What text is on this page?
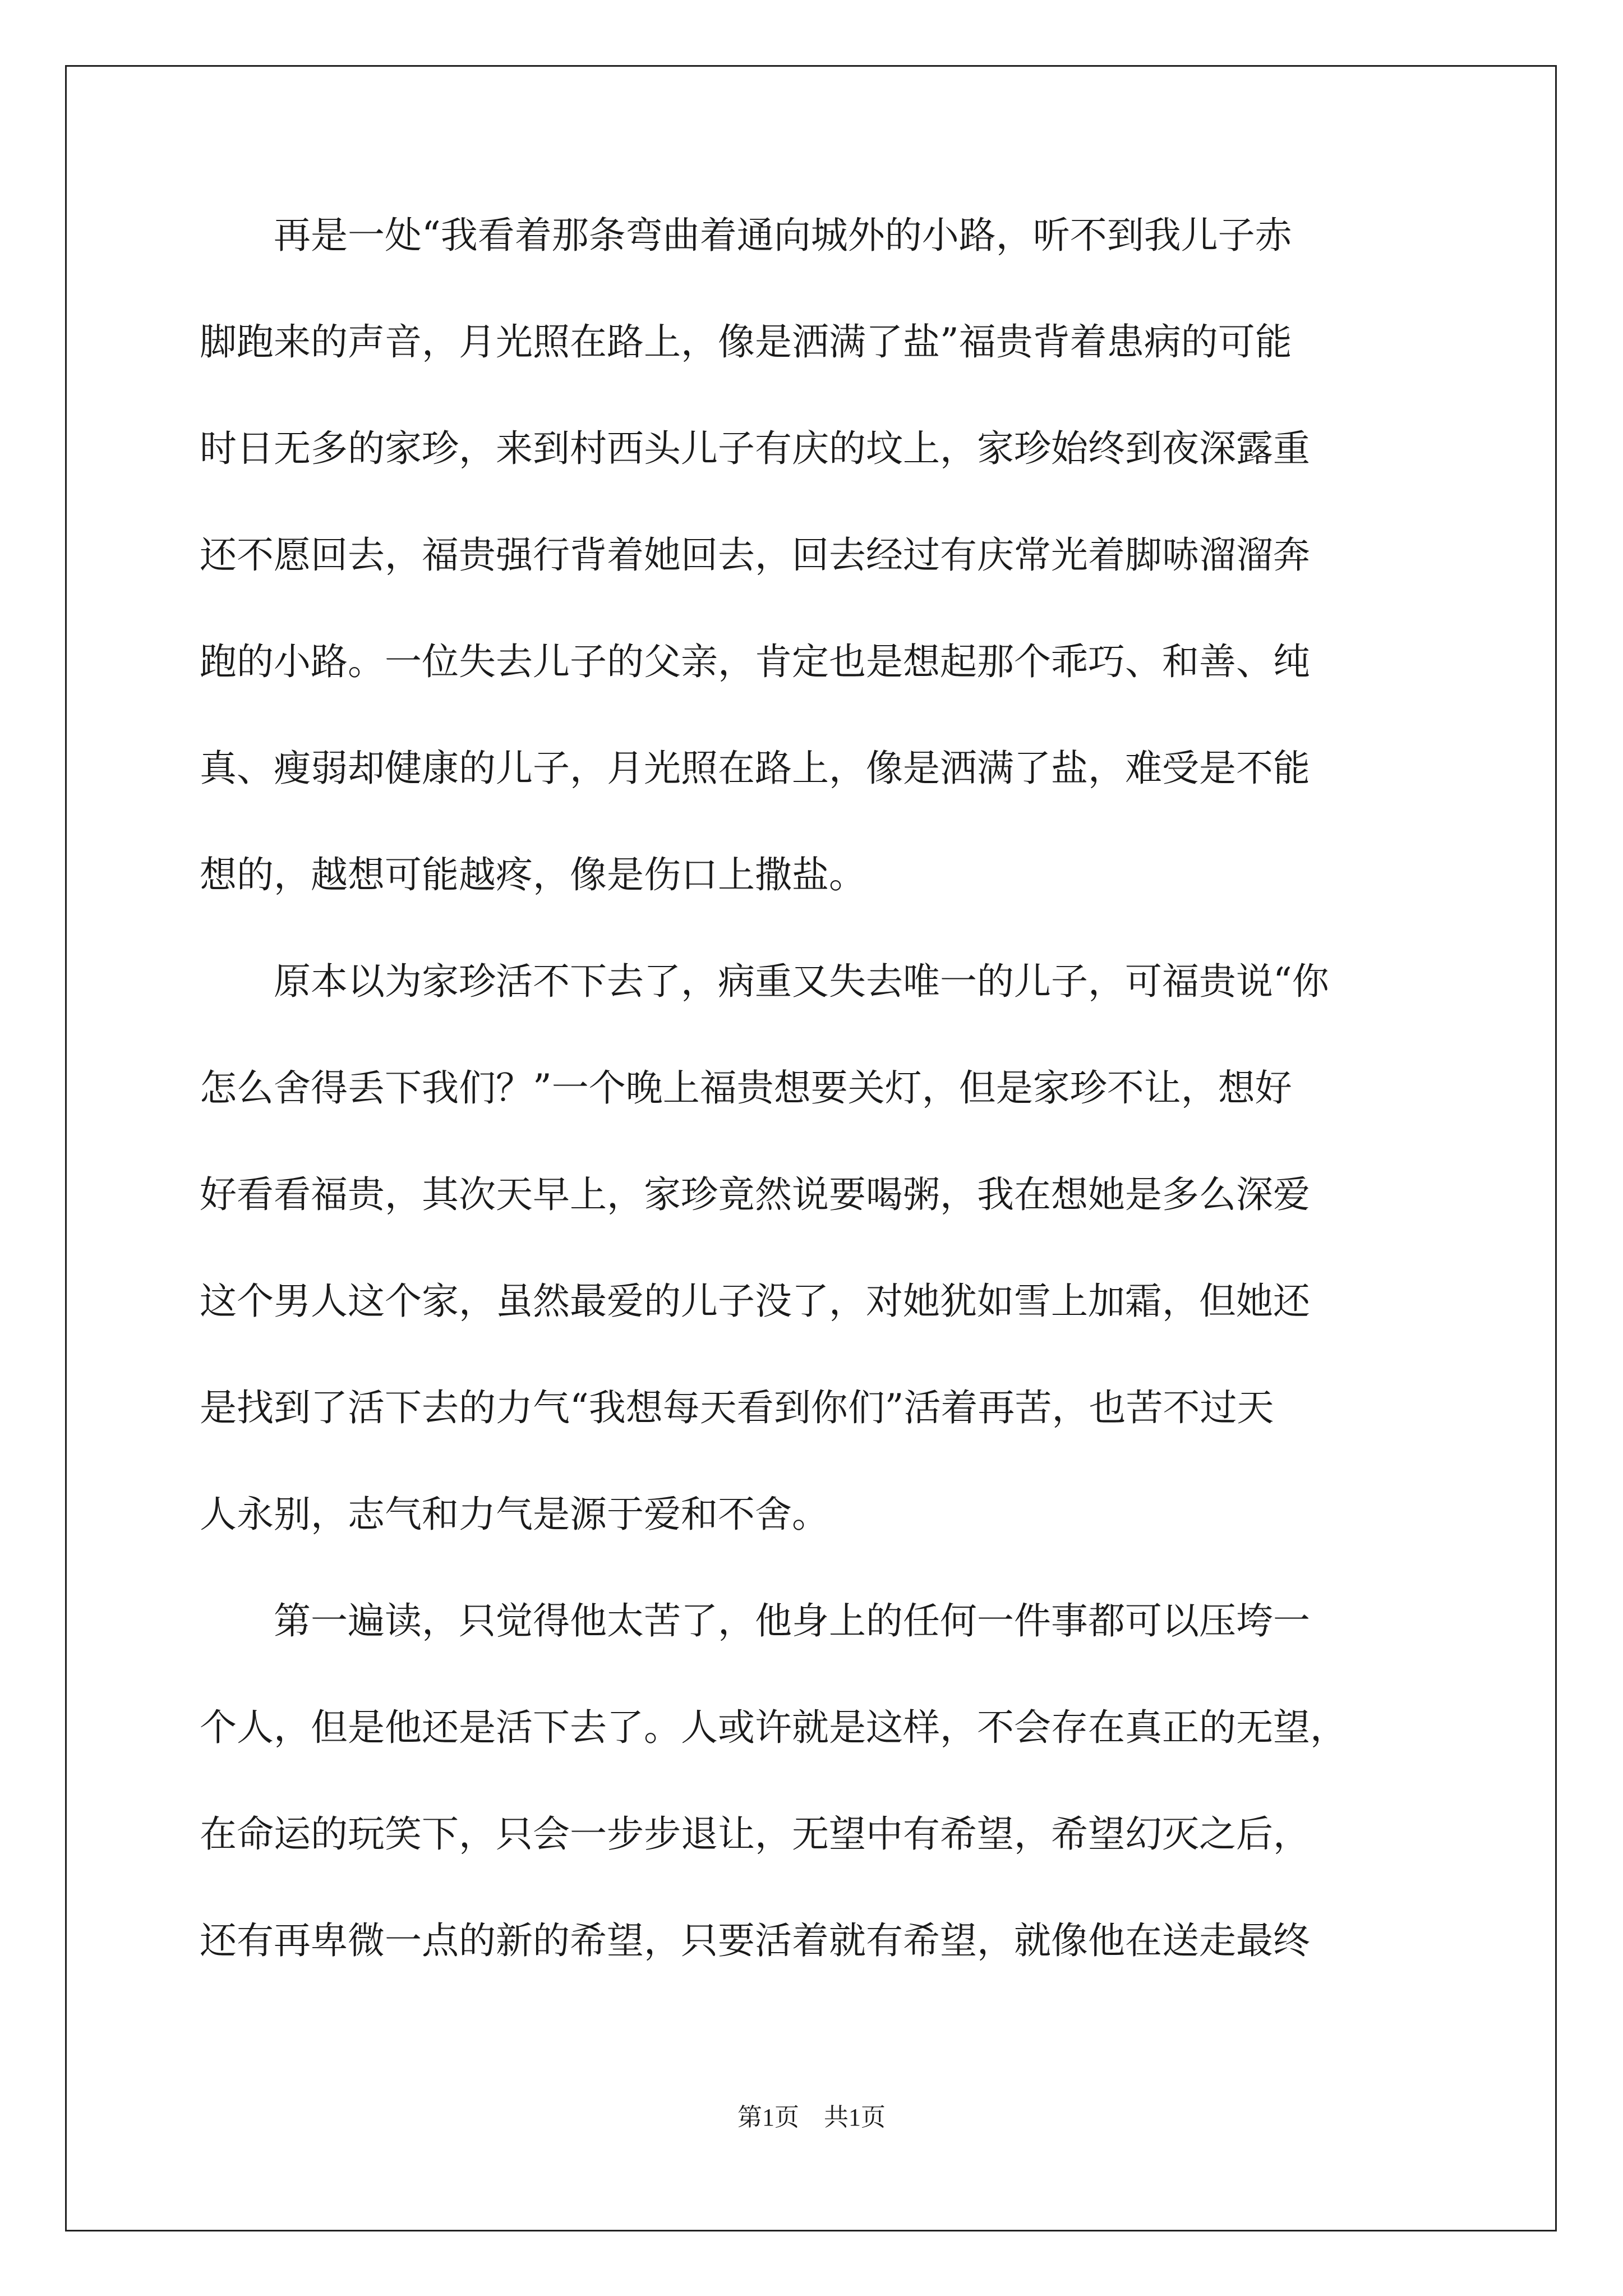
　　再是一处“我看着那条弯曲着通向城外的小路，听不到我儿子赤
脚跑来的声音，月光照在路上，像是洒满了盐”福贵背着患病的可能
时日无多的家珍，来到村西头儿子有庆的坟上，家珍始终到夜深露重
还不愿回去，福贵强行背着她回去，回去经过有庆常光着脚哧溜溜奔
跑的小路。一位失去儿子的父亲，肯定也是想起那个乖巧、和善、纯
真、瘦弱却健康的儿子，月光照在路上，像是洒满了盐，难受是不能
想的，越想可能越疼，像是伤口上撒盐。
　　原本以为家珍活不下去了，病重又失去唯一的儿子，可福贵说“你
怎么舍得丢下我们？”一个晚上福贵想要关灯，但是家珍不让，想好
好看看福贵，其次天早上，家珍竟然说要喝粥，我在想她是多么深爱
这个男人这个家，虽然最爱的儿子没了，对她犹如雪上加霜，但她还
是找到了活下去的力气“我想每天看到你们”活着再苦，也苦不过天
人永别，志气和力气是源于爱和不舍。
　　第一遍读，只觉得他太苦了，他身上的任何一件事都可以压垮一
个人，但是他还是活下去了。人或许就是这样，不会存在真正的无望，
在命运的玩笑下，只会一步步退让，无望中有希望，希望幻灭之后，
还有再卑微一点的新的希望，只要活着就有希望，就像他在送走最终
第1页　共1页
